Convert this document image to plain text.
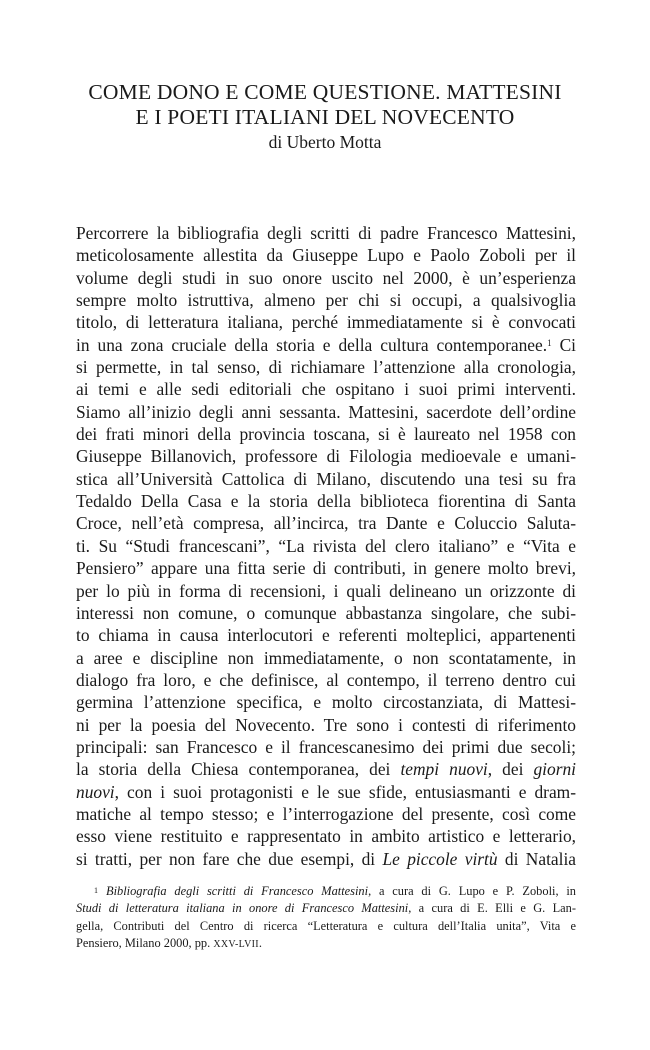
COME DONO E COME QUESTIONE. MATTESINI
E I POETI ITALIANI DEL NOVECENTO
di Uberto Motta
Percorrere la bibliografia degli scritti di padre Francesco Mattesini,
meticolosamente allestita da Giuseppe Lupo e Paolo Zoboli per il
volume degli studi in suo onore uscito nel 2000, è un’esperienza
sempre molto istruttiva, almeno per chi si occupi, a qualsivoglia
titolo, di letteratura italiana, perché immediatamente si è convocati
in una zona cruciale della storia e della cultura contemporanee.$^1$ Ci
si permette, in tal senso, di richiamare l’attenzione alla cronologia,
ai temi e alle sedi editoriali che ospitano i suoi primi interventi.
Siamo all’inizio degli anni sessanta. Mattesini, sacerdote dell’ordine
dei frati minori della provincia toscana, si è laureato nel 1958 con
Giuseppe Billanovich, professore di Filologia medioevale e umani-
stica all’Università Cattolica di Milano, discutendo una tesi su fra
Tedaldo Della Casa e la storia della biblioteca fiorentina di Santa
Croce, nell’età compresa, all’incirca, tra Dante e Coluccio Saluta-
ti. Su “Studi francescani”, “La rivista del clero italiano” e “Vita e
Pensiero” appare una fitta serie di contributi, in genere molto brevi,
per lo più in forma di recensioni, i quali delineano un orizzonte di
interessi non comune, o comunque abbastanza singolare, che subi-
to chiama in causa interlocutori e referenti molteplici, appartenenti
a aree e discipline non immediatamente, o non scontatamente, in
dialogo fra loro, e che definisce, al contempo, il terreno dentro cui
germina l’attenzione specifica, e molto circostanziata, di Mattesi-
ni per la poesia del Novecento. Tre sono i contesti di riferimento
principali: san Francesco e il francescanesimo dei primi due secoli;
la storia della Chiesa contemporanea, dei tempi nuovi, dei giorni
nuovi, con i suoi protagonisti e le sue sfide, entusiasmanti e dram-
matiche al tempo stesso; e l’interrogazione del presente, così come
esso viene restituito e rappresentato in ambito artistico e letterario,
si tratti, per non fare che due esempi, di Le piccole virtù di Natalia
$^1$ Bibliografia degli scritti di Francesco Mattesini, a cura di G. Lupo e P. Zoboli, in
Studi di letteratura italiana in onore di Francesco Mattesini, a cura di E. Elli e G. Lan-
gella, Contributi del Centro di ricerca “Letteratura e cultura dell’Italia unita”, Vita e
Pensiero, Milano 2000, pp. XXV-LVII.
